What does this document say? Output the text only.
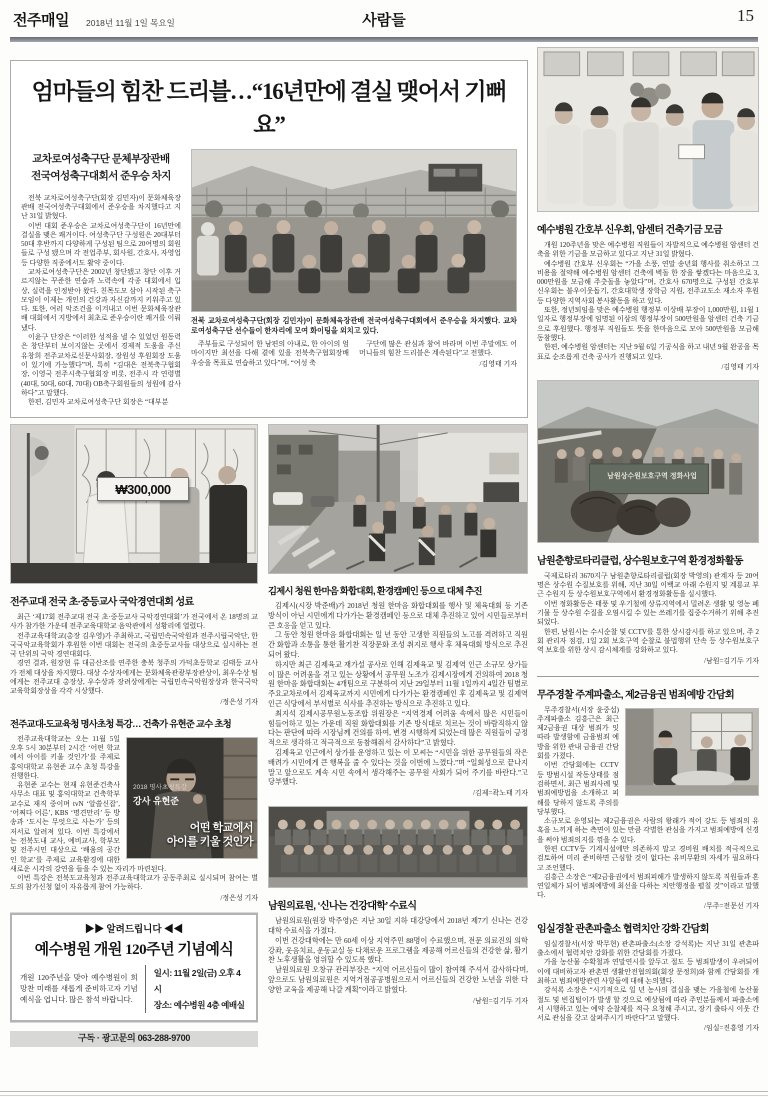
전주매일 2018년 11월 1일 목요일	사람들	15
엄마들의 힘찬 드리블…“16년만에 결실 맺어서 기뻐요”
교차로여성축구단 문체부장관배
전국여성축구대회서 준우승 차지

전북 교차로여성축구단(회장 김민자)이 문화체육장관배 전국여성축구대회에서 준우승을 차지했다고 지난 31일 밝혔다.

이번 대회 준우승은 교차로여성축구단이 16년만에 결실을 맺은 쾌거이다. 여성축구단 구성원은 20대부터 50대 후반까지 다양하게 구성된 팀으로 20여명의 회원들로 구성 됐으며 각 전업주부, 회사원, 간호사, 자영업 등 다양한 직종에서도 활약 중이다.

교차로여성축구단은 2002년 창단됐고 창단 이후 거르지않는 꾸준한 연습과 노력속에 각종 대회에서 입상, 실력을 인정받아 왔다. 친목도모 삼아 시작된 축구모임이 이제는 개인의 건강과 자신감까지 키워주고 있다. 또한, 여러 악조건을 이겨내고 이번 문화체육장관배 대회에서 지방에서 최초로 준우승이란 쾌거를 이뤄냈다.

이윤구 단장은 “이러한 성적을 낼 수 있었던 원동력은 창단부터 보이지않는 곳에서 경제적 도움을 주신 유창희 전주교차로신문사회장, 장원성 후원회장 도움이 있기에 가능했다”며, 특히 “김대은 전북축구협회장, 이영국 전주시축구협회장 비롯, 전주시 각 연령별(40대, 50대, 60대, 70대) OB축구회원들의 성원에 감사하다”고 말했다.

한편, 김민자 교차로여성축구단 회장은 “대부분

전북 교차로여성축구단(회장 김민자)이 문화체육장관배 전국여성축구대회에서 준우승을 차지했다. 교차로여성축구단 선수들이 한자리에 모여 화이팅을 외치고 있다.

주부들로 구성되어 한 남편의 아내로, 한 아이의 엄마이지만 최선을 다해 곁에 있을 전북축구협회장배 우승을 목표로 연습하고 있다”며, “여성 축

구단에 많은 관심과 참여 바라며 이번 주말에도 어머니들의 힘찬 드리블은 계속된다”고 전했다.

/김영태 기자
₩300,000
전주교대 전국 초·중등교사 국악경연대회 성료

최근 ‘제17회 전주교대 전국 초·중등교사 국악경연대회’가 전국에서 온 18명의 교사가 참가한 가운데 전주교육대학교 음악관에서 성황리에 열렸다.

전주교육대학교(총장 김우영)가 주최하고, 국립민속국악원과 전주시립국악단, 한국국악교육학회가 후원한 이번 대회는 전국의 초중등교사들 대상으로 실시하는 전국 단위의 국악 경연대회다.

경연 결과, 원장현 류 대금산조를 연주한 충북 청주의 가덕초등학교 김태등 교사가 전체 대상을 차지했다. 대상 수상자에게는 문화체육관광부장관상이, 최우수상 팀에게는 전주교대 총장상, 우수상과 장려상에게는 국립민속국악원장상과 한국국악교육학회장상을 각각 시상했다.

/정은성 기자
전주교대-도교육청 명사초청 특강… 건축가 유현준 교수 초청
2018 명사초청특강
강사 유현준
어떤 학교에서
아이를 키울 것인가

전주교육대학교는 오는 11월 5일 오후 5시 30분부터 2시간 ‘어떤 학교에서 아이를 키울 것인가’를 주제로 홍익대학교 유현준 교수 초청 특강을 진행한다.

유현준 교수는 현재 유현준건축사 사무소 대표 및 홍익대학교 건축학부 교수로 재직 중이며 tvN ‘알쓸신잡’, ‘어쩌다 어른’, KBS ‘명견만리’ 등 방송과 ‘도시는 무엇으로 사는가’ 등의 저서로 알려져 있다. 이번 특강에서는 전북도내 교사, 예비교사, 학부모 및 전주시민 대상으로 ‘배움의 공간인 학교’를 주제로 교육환경에 대한 새로운 시각의 강연을 들을 수 있는 자리가 마련된다.

이번 특강은 전북도교육청과 전주교육대학교가 공동주최로 실시되며 참여는 별도의 참가신청 없이 자유롭게 참여 가능하다.

/정은성 기자
▶▶ 알려드립니다 ◀◀
예수병원 개원 120주년 기념예식

개원 120주년을 맞아 예수병원이 희망찬 미래를 새롭게 준비하고자 기념예식을 엽니다. 많은 참석 바랍니다.

일시: 11월 2일(금) 오후 4시
장소: 예수병원 4층 예배실
구독 · 광고문의 063-288-9700
김제시 청원 한마음 화합대회, 환경캠페인 등으로 대체 추진

김제시(시장 박준배)가 2018년 청원 한마음 화합대회를 행사 및 체육대회 등 기존 방식이 아닌 시민에게 다가가는 환경캠페인 등으로 대체 추진하고 있어 시민들로부터 큰 호응을 얻고 있다.

그 동안 청원 한마음 화합대회는 일 년 동안 고생한 직원들의 노고를 격려하고 직원간 화합과 소통을 통한 활기찬 직장문화 조성 취지로 행사 후 체육대회 방식으로 추진되어 왔다.

하지만 최근 김제육교 재가설 공사로 인해 김제육교 및 김제역 인근 소규모 상가들이 많은 어려움을 겪고 있는 상황에서 공무원 노조가 김제시장에게 건의하여 2018 청원 한마음 화합대회는 4개팀으로 구분하여 지난 29일부터 11월 1일까지 4일간 팀별로 주요교차로에서 김제육교까지 시민에게 다가가는 환경캠페인 후 김제육교 및 김제역 인근 식당에서 부서별로 식사를 추진하는 방식으로 추진하고 있다.

최지석 김제시공무원노동조합 위원장은 “지역경제 어려움 속에서 많은 시민들이 힘들어하고 있는 가운데 직원 화합대회를 기존 방식대로 치르는 것이 바람직하지 않다는 판단에 따라 시장님께 건의를 하여, 변경 시행하게 되었는데 많은 직원들이 긍정적으로 생각하고 적극적으로 동참해줘서 감사하다”고 밝혔다.

김제육교 인근에서 상가를 운영하고 있는 이 모씨는 “시민을 위한 공무원들의 작은 배려가 시민에게 큰 행복을 줄 수 있다는 것을 이번에 느꼈다.”며 “일회성으로 끝나지 말고 앞으로도 계속 시민 속에서 생각해주는 공무원 사회가 되어 주기를 바란다.”고 당부했다.

/김제=곽노태 기자
남원의료원, ‘신나는 건강대학’ 수료식

남원의료원(원장 박주영)은 지난 30일 지하 대강당에서 2018년 제7기 신나는 건강대학 수료식을 가졌다.

이번 건강대학에는 만 60세 이상 지역주민 88명이 수료했으며, 전문 의료진의 의학강좌, 웃음치료, 운동교실 등 다채로운 프로그램을 제공해 어르신들의 건강한 삶, 활기찬 노후생활을 영위할 수 있도록 했다.

남원의료원 오창규 관리부장은 “지역 어르신들이 많이 참여해 주셔서 감사하다며, 앞으로도 남원의료원은 지역거점공공병원으로서 어르신들의 건강한 노년을 위한 다양한 교육을 제공해 나갈 계획”이라고 밝혔다.

/남원=김기두 기자
예수병원 간호부 신우회, 암센터 건축기금 모금

개원 120주년을 맞은 예수병원 직원들이 자발적으로 예수병원 암센터 건축을 위한 기금을 모금하고 있다고 지난 31일 밝혔다.

예수병원 간호부 신우회는 “가을 소풍, 연말 송년회 행사를 취소하고 그 비용을 절약해 예수병원 암센터 건축에 벽돌 한 장을 쌓겠다는 마음으로 3,000만원을 모금해 주춧돌을 놓았다”며, 간호사 670명으로 구성된 간호부 신우회는 불우이웃돕기, 간호대학생 장학금 지원, 전주교도소 재소자 후원 등 다양한 지역사회 봉사활동을 하고 있다.

또한, 정년퇴임을 맞은 예수병원 행정부 이상배 부장이 1,000만원, 11월 1일자로 행정부장에 임명된 이삼의 행정부장이 500만원을 암센터 건축 기금으로 후원했다. 행정부 직원들도 뜻을 한마음으로 모아 500만원을 모금해 동참했다.

한편, 예수병원 암센터는 지난 9월 6일 기공식을 하고 내년 9월 완공을 목표로 순조롭게 건축 공사가 진행되고 있다.

/김영태 기자
남원상수원보호구역 정화사업
남원춘향로타리클럽, 상수원보호구역 환경정화활동

국제로타리 3670지구 남원춘향로타리클럽(회장 박영의) 관계자 등 20여명은 상수원 수질보호를 위해, 지난 30일 이백교 아래 수원지 및 계룡교 부근 수원지 등 상수원보호구역에서 환경정화활동을 실시했다.

이번 정화활동은 태풍 및 우기철에 상류지역에서 밀려온 생활 및 영농 폐기물 등 상수원 수질을 오염시킬 수 있는 쓰레기를 집중수거하기 위해 추진되었다.

한편, 남원시는 수시순찰 및 CCTV를 통한 상시감시를 하고 있으며, 주 2회 관리자 점검, 1일 2회 보호구역 순찰로 불법행위 단속 등 상수원보호구역 보호를 위한 상시 감시체계를 강화하고 있다.

/남원=김기두 기자
무주경찰 주계파출소, 제2금융권 범죄예방 간담회

무주경찰서(서장 윤중섭) 주계파출소 김흥근은 최근 제2금융권 대상 범죄가 잇따라 발생함에 금융범죄 예방을 위한 관내 금융권 간담회를 가졌다.

이번 간담회에는 CCTV등 방범시설 작동상태를 점검하면서, 최근 범죄사례 및 범죄예방법을 소개하고 피해를 당하지 않도록 주의를 당부했다.

소규모로 운영되는 제2금융권은 사람의 왕래가 적어 강도 등 범죄의 유혹을 느끼게 하는 측면이 있는 만큼 각별한 관심을 가지고 범죄예방에 신경을 써야 범죄의지를 꺾을 수 있다.

한편 CCTV등 기계시설에만 의존하지 말고 경비원 배치를 적극적으로 검토하여 미리 준비하면 근심할 것이 없다는 유비무환의 자세가 필요하다고 조언했다.

김흥근 소장은 “제2금융권에서 범죄피해가 발생하지 않도록 직원들과 혼연일체가 되어 범죄예방에 최선을 다하는 치안행정을 펼칠 것”이라고 말했다.

/무주=전문선 기자
임실경찰 관촌파출소 협력치안 강화 간담회

임실경찰서(서장 박무현) 관촌파출소(소장 강석록)는 지난 31일 관촌파출소에서 협력치안 강화를 위한 간담회를 가졌다.

가을 농산물 수확철과 연말연시를 앞두고 절도 등 범죄발생이 우려되어 이에 대비하고자 관촌면 생활안전협의회(회장 문정희)와 함께 간담회를 개최하고 범죄예방관련 사항들에 대해 논의했다.

강석록 소장은 “시기적으로 일 년 농사의 결실을 맺는 가을철에 농산물 절도 및 빈집털이가 발생 할 것으로 예상됨에 따라 주민분들께서 파출소에서 시행하고 있는 예약 순찰제를 적극 요청해 주시고, 장기 출타시 이웃 간 서로 관심을 갖고 살펴주시기 바란다”고 말했다.

/임실=진흥영 기자
